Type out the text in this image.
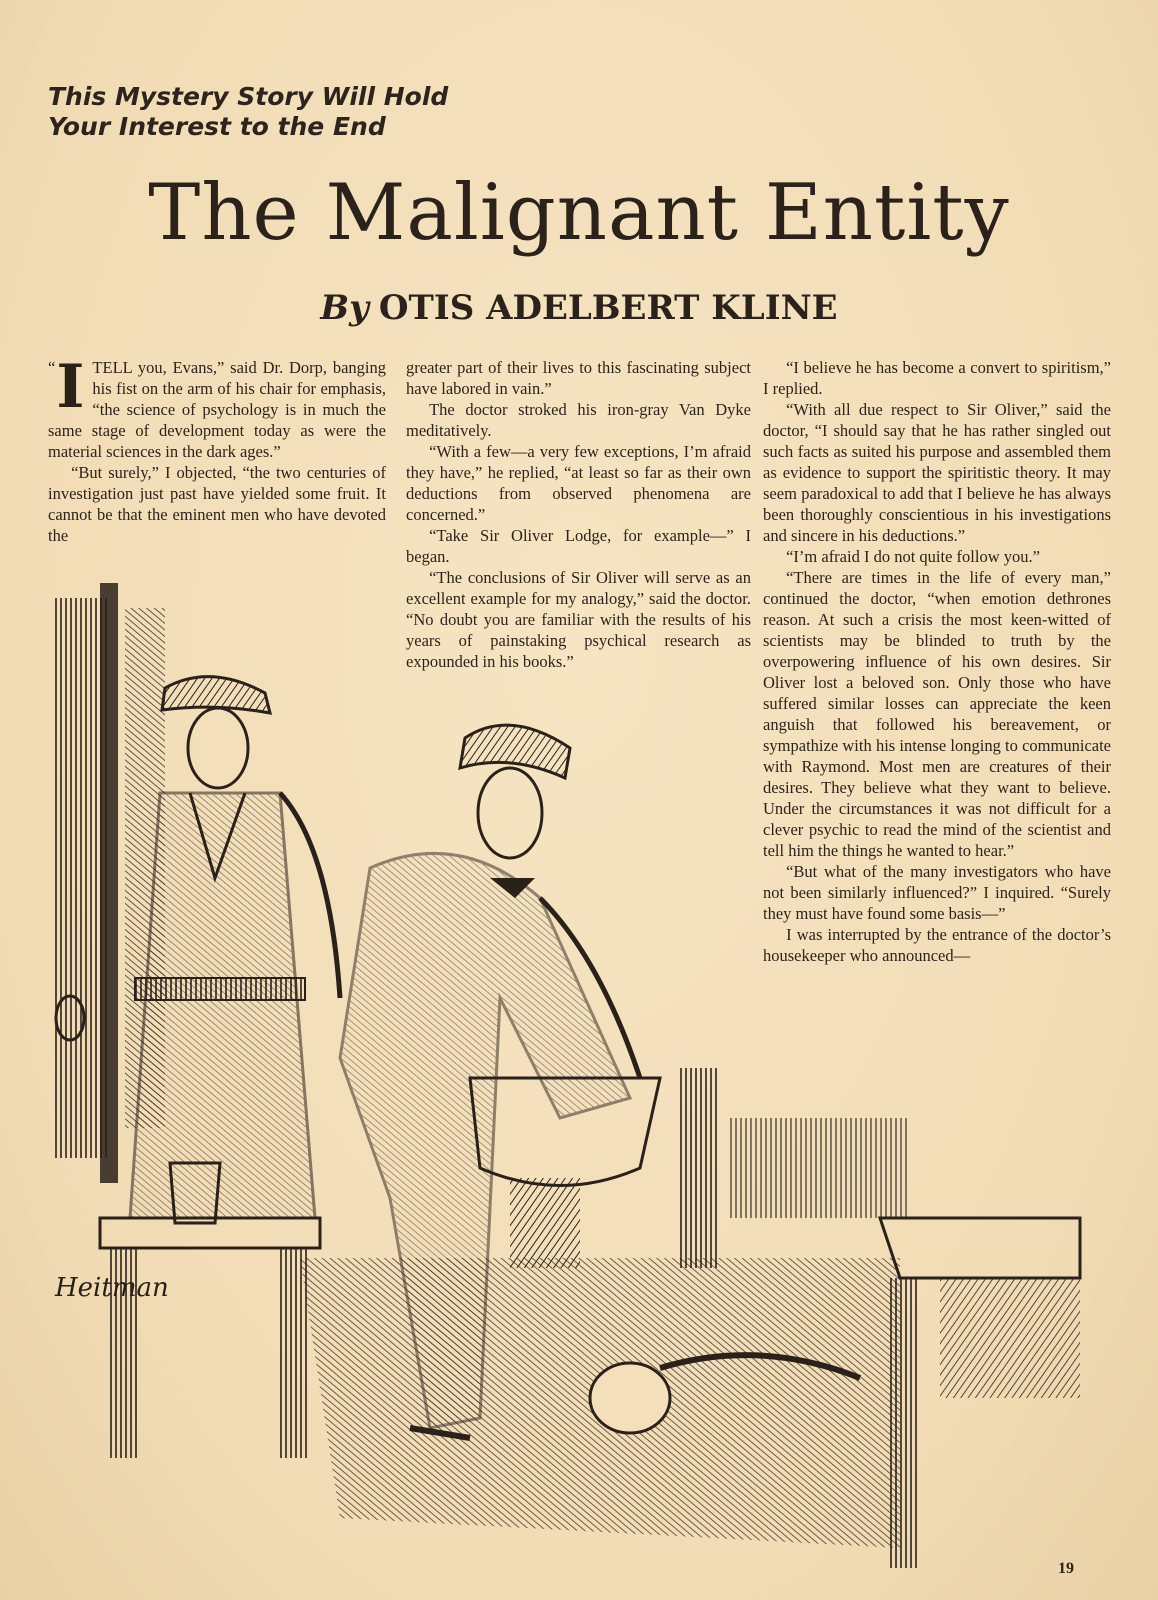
This Mystery Story Will Hold
Your Interest to the End
The Malignant Entity
By OTIS ADELBERT KLINE

“ I TELL you, Evans,” said Dr. Dorp, banging his fist on the arm of his chair for emphasis, “the science of psychology is in much the same stage of development today as were the material sciences in the dark ages.”

“But surely,” I objected, “the two centuries of investigation just past have yielded some fruit. It cannot be that the eminent men who have devoted the

greater part of their lives to this fascinating subject have labored in vain.”

The doctor stroked his iron-gray Van Dyke meditatively.

“With a few—a very few exceptions, I’m afraid they have,” he replied, “at least so far as their own deductions from observed phenomena are concerned.”

“Take Sir Oliver Lodge, for example—” I began.

“The conclusions of Sir Oliver will serve as an excellent example for my analogy,” said the doctor. “No doubt you are familiar with the results of his years of painstaking psychical research as expounded in his books.”

“I believe he has become a convert to spiritism,” I replied.

“With all due respect to Sir Oliver,” said the doctor, “I should say that he has rather singled out such facts as suited his purpose and assembled them as evidence to support the spiritistic theory. It may seem paradoxical to add that I believe he has always been thoroughly conscientious in his investigations and sincere in his deductions.”

“I’m afraid I do not quite follow you.”

“There are times in the life of every man,” continued the doctor, “when emotion dethrones reason. At such a crisis the most keen-witted of scientists may be blinded to truth by the overpowering influence of his own desires. Sir Oliver lost a beloved son. Only those who have suffered similar losses can appreciate the keen anguish that followed his bereavement, or sympathize with his intense longing to communicate with Raymond. Most men are creatures of their desires. They believe what they want to believe. Under the circumstances it was not difficult for a clever psychic to read the mind of the scientist and tell him the things he wanted to hear.”

“But what of the many investigators who have not been similarly influenced?” I inquired. “Surely they must have found some basis—”

I was interrupted by the entrance of the doctor’s housekeeper who announced—

Heitman
19
